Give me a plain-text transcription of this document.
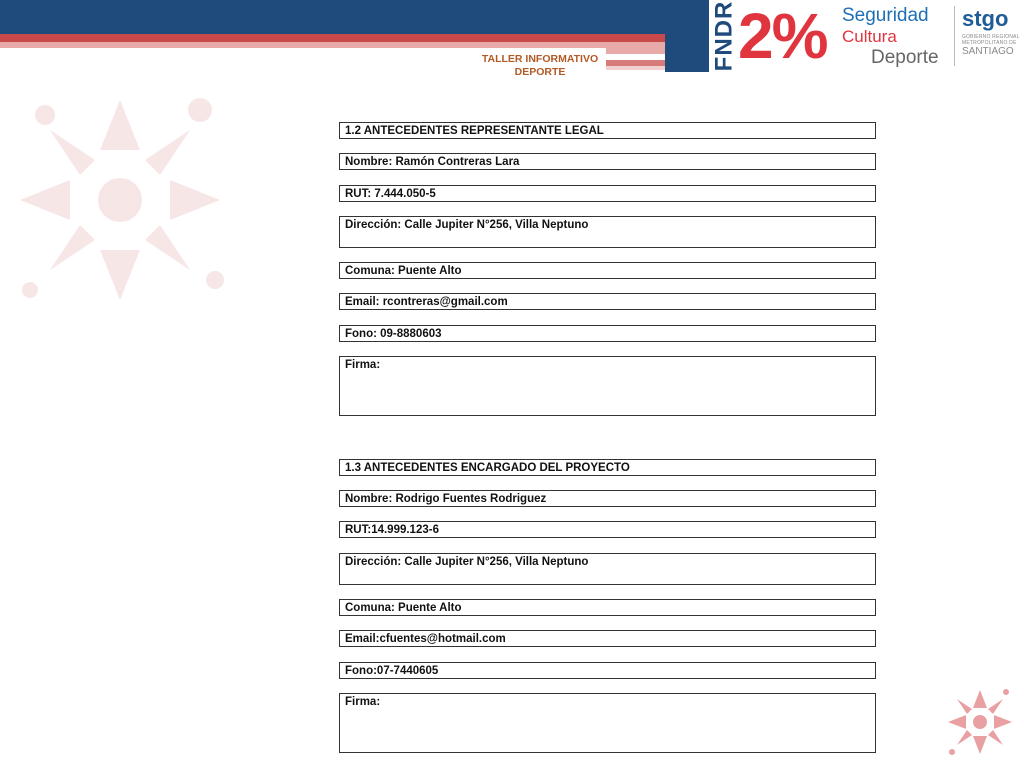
TALLER INFORMATIVO
DEPORTE
FNDR 2% Seguridad
Cultura
Deporte
stgo
GOBIERNO REGIONAL
METROPOLITANO DE
SANTIAGO
1.2 ANTECEDENTES REPRESENTANTE LEGAL
Nombre: Ramón Contreras Lara
RUT: 7.444.050-5
Dirección: Calle Jupiter N°256, Villa Neptuno
Comuna: Puente Alto
Email: rcontreras@gmail.com
Fono: 09-8880603
Firma:
1.3 ANTECEDENTES ENCARGADO DEL PROYECTO
Nombre: Rodrigo Fuentes Rodriguez
RUT:14.999.123-6
Dirección: Calle Jupiter N°256, Villa Neptuno
Comuna: Puente Alto
Email:cfuentes@hotmail.com
Fono:07-7440605
Firma:
